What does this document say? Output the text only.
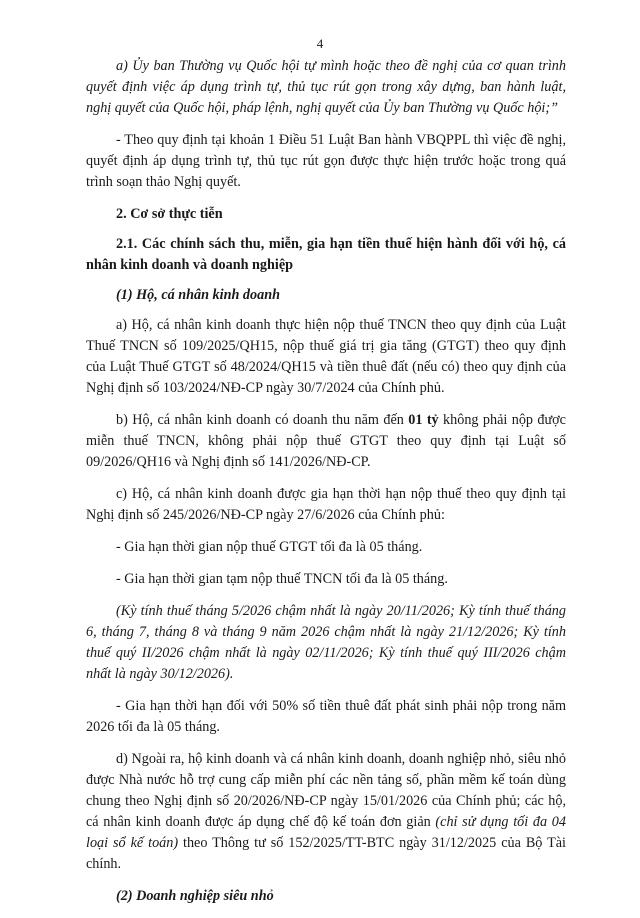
4

a) Ủy ban Thường vụ Quốc hội tự mình hoặc theo đề nghị của cơ quan trình quyết định việc áp dụng trình tự, thủ tục rút gọn trong xây dựng, ban hành luật, nghị quyết của Quốc hội, pháp lệnh, nghị quyết của Ủy ban Thường vụ Quốc hội;”

- Theo quy định tại khoản 1 Điều 51 Luật Ban hành VBQPPL thì việc đề nghị, quyết định áp dụng trình tự, thủ tục rút gọn được thực hiện trước hoặc trong quá trình soạn thảo Nghị quyết.

2. Cơ sở thực tiễn

2.1. Các chính sách thu, miễn, gia hạn tiền thuế hiện hành đối với hộ, cá nhân kinh doanh và doanh nghiệp

(1) Hộ, cá nhân kinh doanh

a) Hộ, cá nhân kinh doanh thực hiện nộp thuế TNCN theo quy định của Luật Thuế TNCN số 109/2025/QH15, nộp thuế giá trị gia tăng (GTGT) theo quy định của Luật Thuế GTGT số 48/2024/QH15 và tiền thuê đất (nếu có) theo quy định của Nghị định số 103/2024/NĐ-CP ngày 30/7/2024 của Chính phủ.

b) Hộ, cá nhân kinh doanh có doanh thu năm đến 01 tỷ không phải nộp được miễn thuế TNCN, không phải nộp thuế GTGT theo quy định tại Luật số 09/2026/QH16 và Nghị định số 141/2026/NĐ-CP.

c) Hộ, cá nhân kinh doanh được gia hạn thời hạn nộp thuế theo quy định tại Nghị định số 245/2026/NĐ-CP ngày 27/6/2026 của Chính phủ:

- Gia hạn thời gian nộp thuế GTGT tối đa là 05 tháng.

- Gia hạn thời gian tạm nộp thuế TNCN tối đa là 05 tháng.

(Kỳ tính thuế tháng 5/2026 chậm nhất là ngày 20/11/2026; Kỳ tính thuế tháng 6, tháng 7, tháng 8 và tháng 9 năm 2026 chậm nhất là ngày 21/12/2026; Kỳ tính thuế quý II/2026 chậm nhất là ngày 02/11/2026; Kỳ tính thuế quý III/2026 chậm nhất là ngày 30/12/2026).

- Gia hạn thời hạn đối với 50% số tiền thuê đất phát sinh phải nộp trong năm 2026 tối đa là 05 tháng.

d) Ngoài ra, hộ kinh doanh và cá nhân kinh doanh, doanh nghiệp nhỏ, siêu nhỏ được Nhà nước hỗ trợ cung cấp miễn phí các nền tảng số, phần mềm kế toán dùng chung theo Nghị định số 20/2026/NĐ-CP ngày 15/01/2026 của Chính phủ; các hộ, cá nhân kinh doanh được áp dụng chế độ kế toán đơn giản (chỉ sử dụng tối đa 04 loại sổ kế toán) theo Thông tư số 152/2025/TT-BTC ngày 31/12/2025 của Bộ Tài chính.

(2) Doanh nghiệp siêu nhỏ
